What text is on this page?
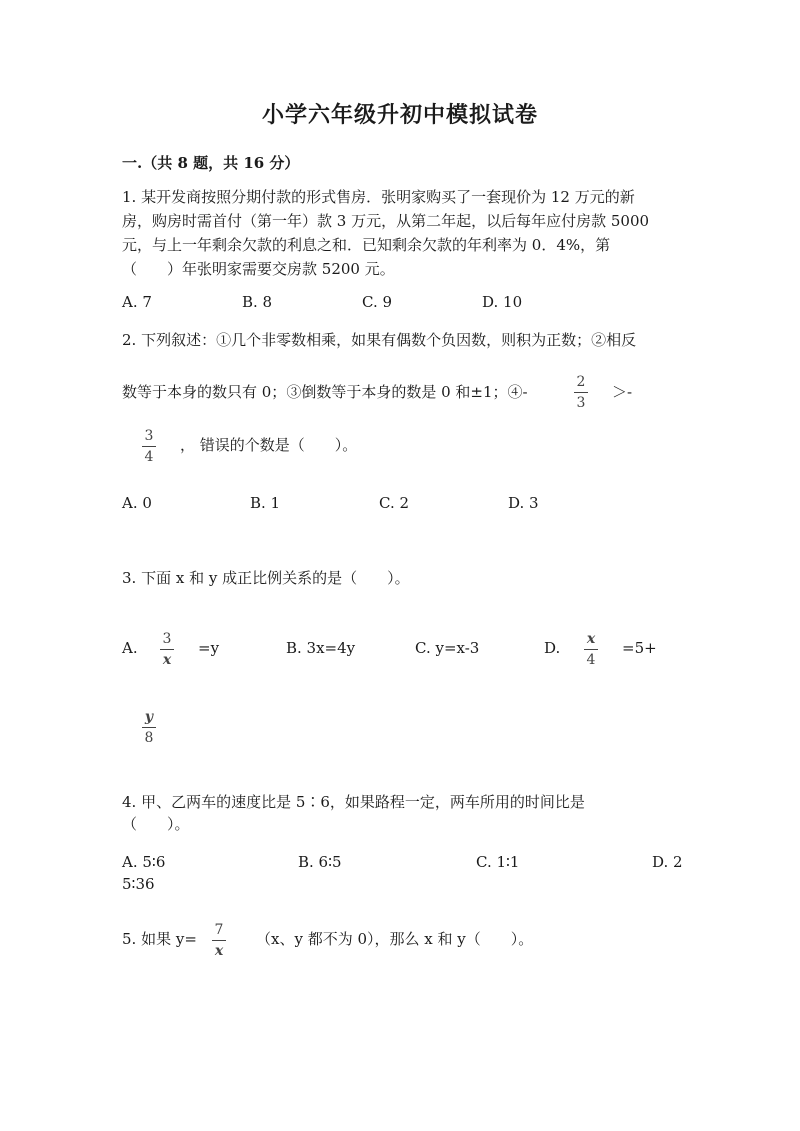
小学六年级升初中模拟试卷
一.（共 8 题，共 16 分）
1. 某开发商按照分期付款的形式售房．张明家购买了一套现价为 12 万元的新
房，购房时需首付（第一年）款 3 万元，从第二年起，以后每年应付房款 5000
元，与上一年剩余欠款的利息之和．已知剩余欠款的年利率为 0．4%，第
（　　）年张明家需要交房款 5200 元。
A. 7	B. 8	C. 9	D. 10
2. 下列叙述：①几个非零数相乘，如果有偶数个负因数，则积为正数；②相反
数等于本身的数只有 0；③倒数等于本身的数是 0 和±1；④-
2
3
＞-
3
4
， 错误的个数是（　　）。
A. 0	B. 1	C. 2	D. 3
3. 下面 x 和 y 成正比例关系的是（　　）。
A. 3
x
=y	B. 3x=4y	C. y=x-3	D. x
4
=5+
y
8
4. 甲、乙两车的速度比是 5∶6，如果路程一定，两车所用的时间比是
（　　）。
A. 5∶6	B. 6∶5	C. 1∶1	D. 2
5∶36
5. 如果 y= 7
x
（x、y 都不为 0），那么 x 和 y（　　）。
